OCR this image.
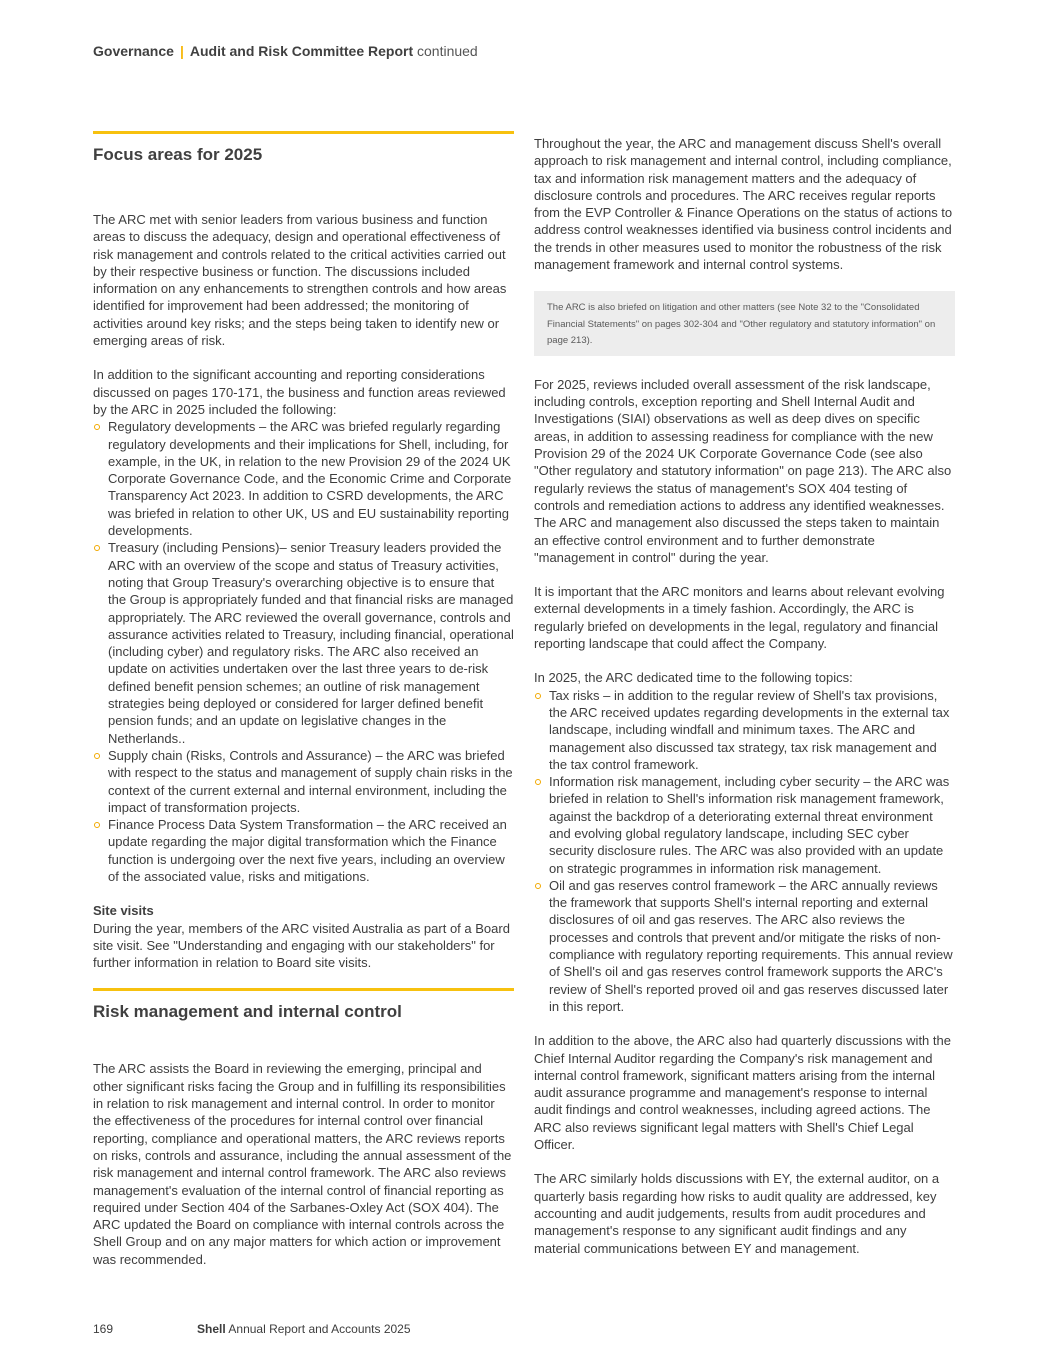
Governance | Audit and Risk Committee Report continued
Focus areas for 2025

The ARC met with senior leaders from various business and function areas to discuss the adequacy, design and operational effectiveness of risk management and controls related to the critical activities carried out by their respective business or function. The discussions included information on any enhancements to strengthen controls and how areas identified for improvement had been addressed; the monitoring of activities around key risks; and the steps being taken to identify new or emerging areas of risk.

In addition to the significant accounting and reporting considerations discussed on pages 170-171, the business and function areas reviewed by the ARC in 2025 included the following:

Regulatory developments – the ARC was briefed regularly regarding regulatory developments and their implications for Shell, including, for example, in the UK, in relation to the new Provision 29 of the 2024 UK Corporate Governance Code, and the Economic Crime and Corporate Transparency Act 2023. In addition to CSRD developments, the ARC was briefed in relation to other UK, US and EU sustainability reporting developments.
Treasury (including Pensions)– senior Treasury leaders provided the ARC with an overview of the scope and status of Treasury activities, noting that Group Treasury's overarching objective is to ensure that the Group is appropriately funded and that financial risks are managed appropriately. The ARC reviewed the overall governance, controls and assurance activities related to Treasury, including financial, operational (including cyber) and regulatory risks. The ARC also received an update on activities undertaken over the last three years to de-risk defined benefit pension schemes; an outline of risk management strategies being deployed or considered for larger defined benefit pension funds; and an update on legislative changes in the Netherlands..
Supply chain (Risks, Controls and Assurance) – the ARC was briefed with respect to the status and management of supply chain risks in the context of the current external and internal environment, including the impact of transformation projects.
Finance Process Data System Transformation – the ARC received an update regarding the major digital transformation which the Finance function is undergoing over the next five years, including an overview of the associated value, risks and mitigations.
Site visits

During the year, members of the ARC visited Australia as part of a Board site visit. See "Understanding and engaging with our stakeholders" for further information in relation to Board site visits.

Risk management and internal control

The ARC assists the Board in reviewing the emerging, principal and other significant risks facing the Group and in fulfilling its responsibilities in relation to risk management and internal control. In order to monitor the effectiveness of the procedures for internal control over financial reporting, compliance and operational matters, the ARC reviews reports on risks, controls and assurance, including the annual assessment of the risk management and internal control framework. The ARC also reviews management's evaluation of the internal control of financial reporting as required under Section 404 of the Sarbanes-Oxley Act (SOX 404). The ARC updated the Board on compliance with internal controls across the Shell Group and on any major matters for which action or improvement was recommended.

Throughout the year, the ARC and management discuss Shell's overall approach to risk management and internal control, including compliance, tax and information risk management matters and the adequacy of disclosure controls and procedures. The ARC receives regular reports from the EVP Controller & Finance Operations on the status of actions to address control weaknesses identified via business control incidents and the trends in other measures used to monitor the robustness of the risk management framework and internal control systems.

The ARC is also briefed on litigation and other matters (see Note 32 to the "Consolidated Financial Statements" on pages 302-304 and "Other regulatory and statutory information" on page 213).

For 2025, reviews included overall assessment of the risk landscape, including controls, exception reporting and Shell Internal Audit and Investigations (SIAI) observations as well as deep dives on specific areas, in addition to assessing readiness for compliance with the new Provision 29 of the 2024 UK Corporate Governance Code (see also "Other regulatory and statutory information" on page 213). The ARC also regularly reviews the status of management's SOX 404 testing of controls and remediation actions to address any identified weaknesses. The ARC and management also discussed the steps taken to maintain an effective control environment and to further demonstrate "management in control" during the year.

It is important that the ARC monitors and learns about relevant evolving external developments in a timely fashion. Accordingly, the ARC is regularly briefed on developments in the legal, regulatory and financial reporting landscape that could affect the Company.

In 2025, the ARC dedicated time to the following topics:

Tax risks – in addition to the regular review of Shell's tax provisions, the ARC received updates regarding developments in the external tax landscape, including windfall and minimum taxes. The ARC and management also discussed tax strategy, tax risk management and the tax control framework.
Information risk management, including cyber security – the ARC was briefed in relation to Shell's information risk management framework, against the backdrop of a deteriorating external threat environment and evolving global regulatory landscape, including SEC cyber security disclosure rules. The ARC was also provided with an update on strategic programmes in information risk management.
Oil and gas reserves control framework – the ARC annually reviews the framework that supports Shell's internal reporting and external disclosures of oil and gas reserves. The ARC also reviews the processes and controls that prevent and/or mitigate the risks of non-compliance with regulatory reporting requirements. This annual review of Shell's oil and gas reserves control framework supports the ARC's review of Shell's reported proved oil and gas reserves discussed later in this report.

In addition to the above, the ARC also had quarterly discussions with the Chief Internal Auditor regarding the Company's risk management and internal control framework, significant matters arising from the internal audit assurance programme and management's response to internal audit findings and control weaknesses, including agreed actions. The ARC also reviews significant legal matters with Shell's Chief Legal Officer.

The ARC similarly holds discussions with EY, the external auditor, on a quarterly basis regarding how risks to audit quality are addressed, key accounting and audit judgements, results from audit procedures and management's response to any significant audit findings and any material communications between EY and management.

169	Shell Annual Report and Accounts 2025
